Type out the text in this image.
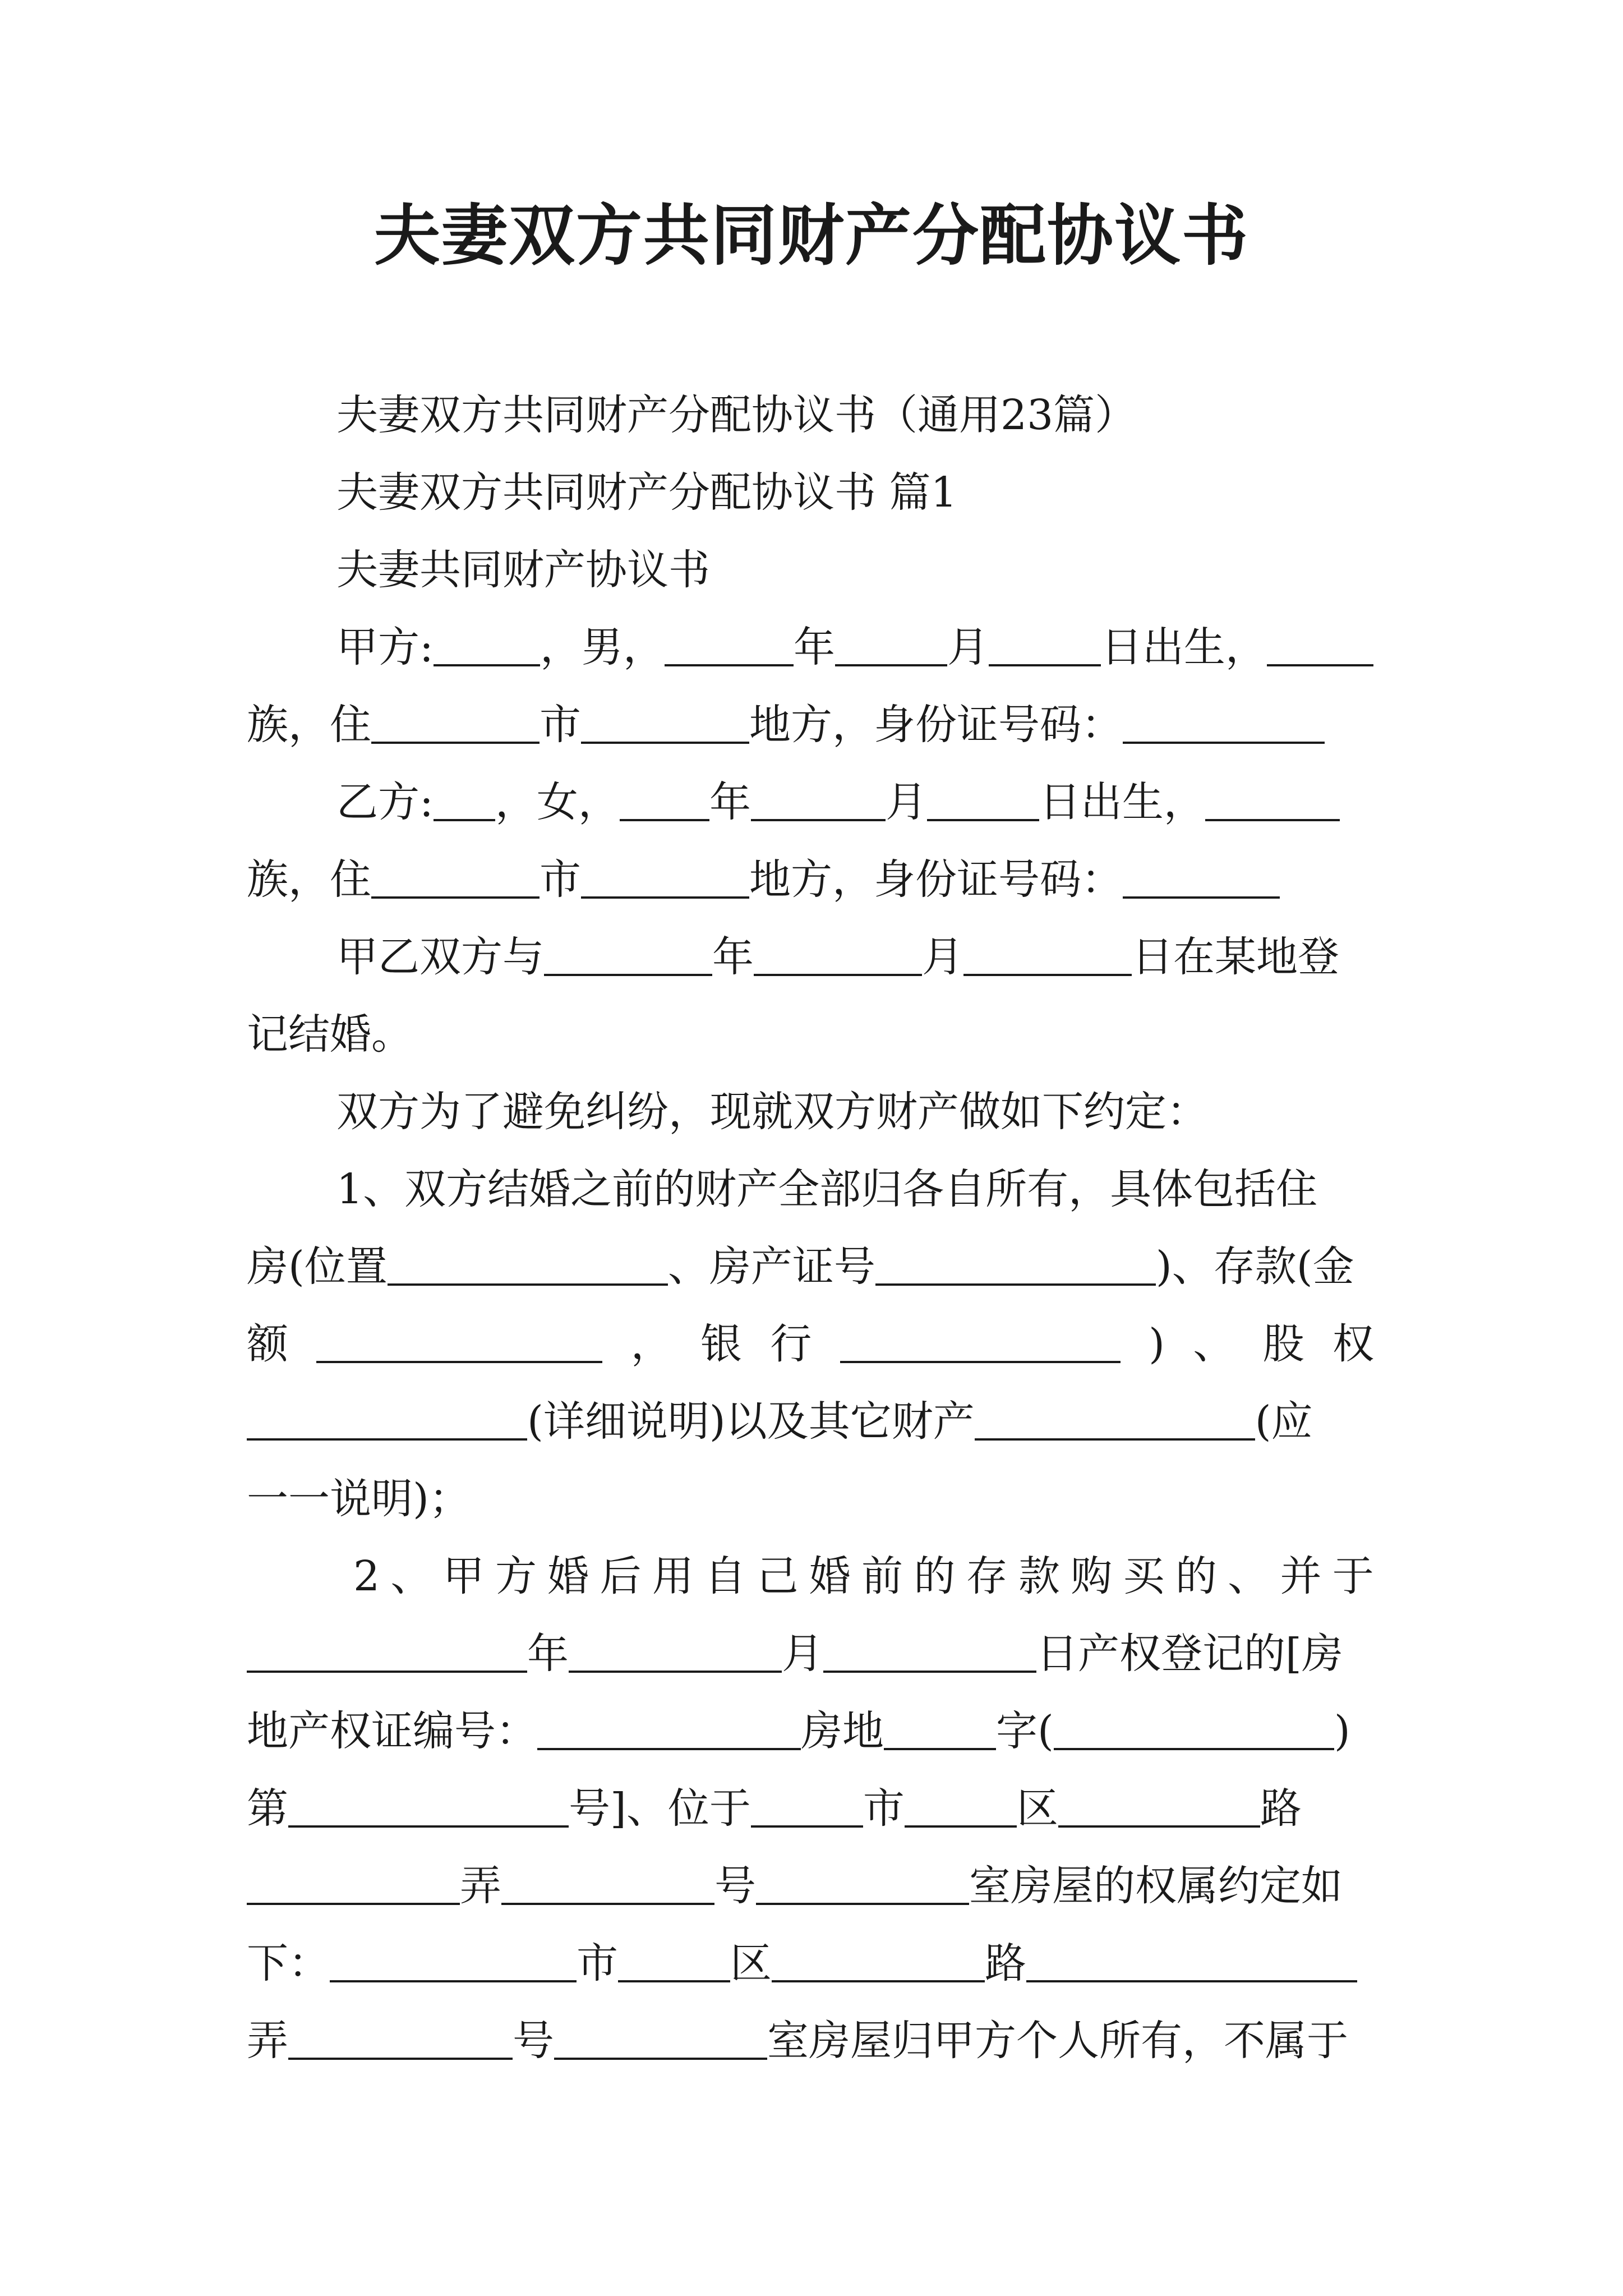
夫妻双方共同财产分配协议书
夫妻双方共同财产分配协议书（通用23篇）
夫妻双方共同财产分配协议书 篇1
夫妻共同财产协议书
甲方:	，男，	年	月	日出生，
族，住	市	地方，身份证号码：
乙方: ，女， 年	月	日出生，
族，住	市	地方，身份证号码：
甲乙双方与	年	月	日在某地登
记结婚。
双方为了避免纠纷，现就双方财产做如下约定：
1、双方结婚之前的财产全部归各自所有，具体包括住
房(位置	、房产证号	)、存款(金
额	， 银 行	) 、 股 权
(详细说明)以及其它财产	(应
一一说明)；
2 、 甲 方 婚 后 用 自 己 婚 前 的 存 款 购 买 的 、 并 于
年	月	日产权登记的[房
地产权证编号：	房地	字(	)
第	号]、位于	市	区	路
弄	号	室房屋的权属约定如
下：	市	区	路
弄	号	室房屋归甲方个人所有，不属于
